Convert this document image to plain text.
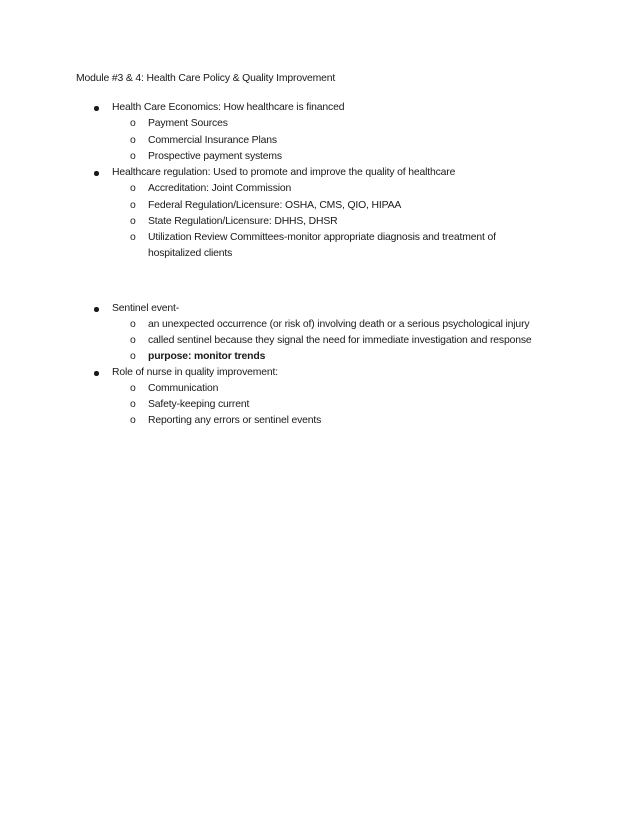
Module #3 & 4: Health Care Policy & Quality Improvement
Health Care Economics: How healthcare is financed
o Payment Sources
o Commercial Insurance Plans
o Prospective payment systems
Healthcare regulation: Used to promote and improve the quality of healthcare
o Accreditation: Joint Commission
o Federal Regulation/Licensure: OSHA, CMS, QIO, HIPAA
o State Regulation/Licensure: DHHS, DHSR
o Utilization Review Committees-monitor appropriate diagnosis and treatment of
hospitalized clients
Sentinel event-
o an unexpected occurrence (or risk of) involving death or a serious psychological injury
o called sentinel because they signal the need for immediate investigation and response
o purpose: monitor trends
Role of nurse in quality improvement:
o Communication
o Safety-keeping current
o Reporting any errors or sentinel events
